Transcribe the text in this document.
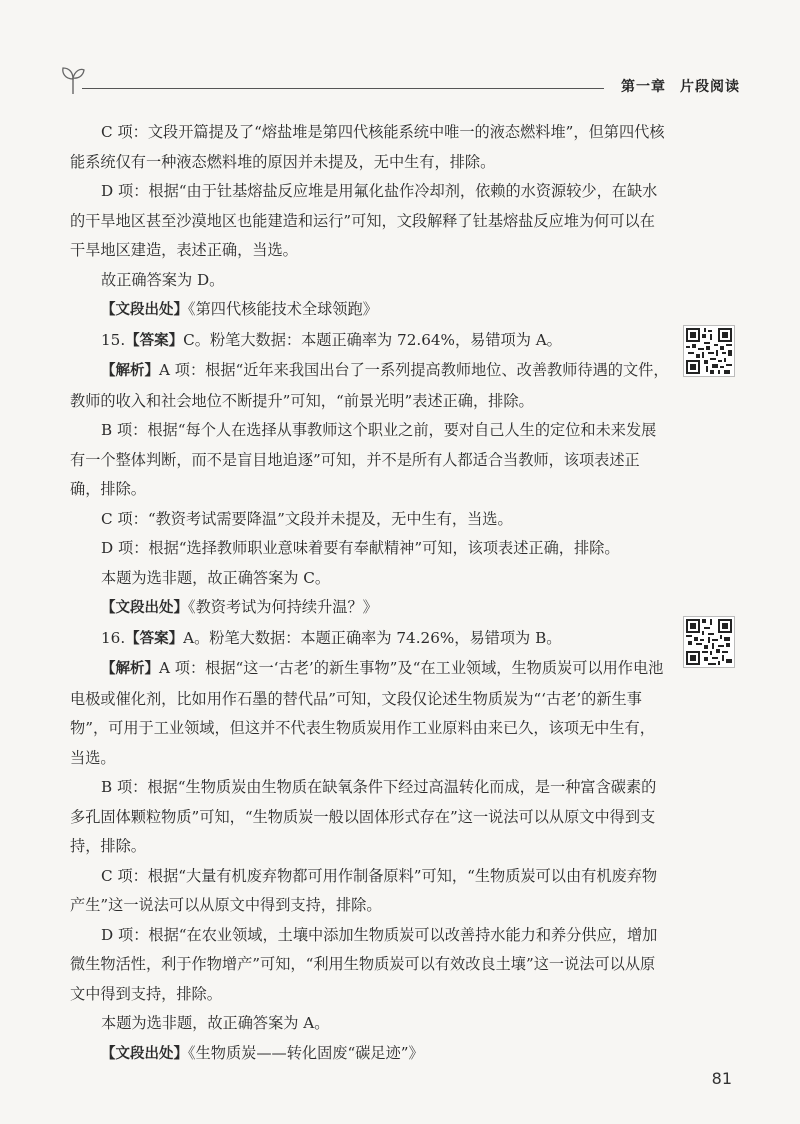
第一章 片段阅读

C 项：文段开篇提及了“熔盐堆是第四代核能系统中唯一的液态燃料堆”，但第四代核能系统仅有一种液态燃料堆的原因并未提及，无中生有，排除。

D 项：根据“由于钍基熔盐反应堆是用氟化盐作冷却剂，依赖的水资源较少，在缺水的干旱地区甚至沙漠地区也能建造和运行”可知，文段解释了钍基熔盐反应堆为何可以在干旱地区建造，表述正确，当选。

故正确答案为 D。

【文段出处】《第四代核能技术全球领跑》

15.【答案】C。粉笔大数据：本题正确率为 72.64%，易错项为 A。

【解析】A 项：根据“近年来我国出台了一系列提高教师地位、改善教师待遇的文件，教师的收入和社会地位不断提升”可知，“前景光明”表述正确，排除。

B 项：根据“每个人在选择从事教师这个职业之前，要对自己人生的定位和未来发展有一个整体判断，而不是盲目地追逐”可知，并不是所有人都适合当教师，该项表述正确，排除。

C 项：“教资考试需要降温”文段并未提及，无中生有，当选。

D 项：根据“选择教师职业意味着要有奉献精神”可知，该项表述正确，排除。

本题为选非题，故正确答案为 C。

【文段出处】《教资考试为何持续升温？》

16.【答案】A。粉笔大数据：本题正确率为 74.26%，易错项为 B。

【解析】A 项：根据“这一‘古老’的新生事物”及“在工业领域，生物质炭可以用作电池电极或催化剂，比如用作石墨的替代品”可知，文段仅论述生物质炭为“‘古老’的新生事物”，可用于工业领域，但这并不代表生物质炭用作工业原料由来已久，该项无中生有，当选。

B 项：根据“生物质炭由生物质在缺氧条件下经过高温转化而成，是一种富含碳素的多孔固体颗粒物质”可知，“生物质炭一般以固体形式存在”这一说法可以从原文中得到支持，排除。

C 项：根据“大量有机废弃物都可用作制备原料”可知，“生物质炭可以由有机废弃物产生”这一说法可以从原文中得到支持，排除。

D 项：根据“在农业领域，土壤中添加生物质炭可以改善持水能力和养分供应，增加微生物活性，利于作物增产”可知，“利用生物质炭可以有效改良土壤”这一说法可以从原文中得到支持，排除。

本题为选非题，故正确答案为 A。

【文段出处】《生物质炭——转化固废“碳足迹”》

81
